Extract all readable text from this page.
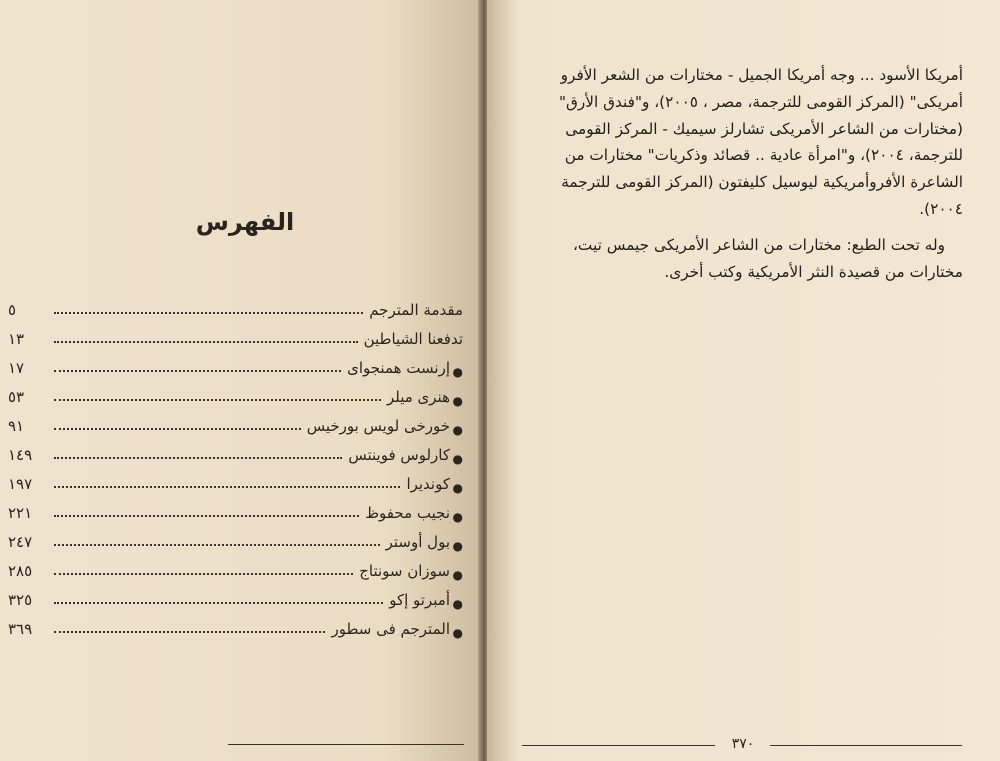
الفهرس
مقدمة المترجم
٥
تدفعنا الشياطين
١٣
●
إرنست همنجواى
١٧
●
هنرى ميلر
٥٣
●
خورخى لويس بورخيس
٩١
●
كارلوس فوينتس
١٤٩
●
كونديرا
١٩٧
●
نجيب محفوظ
٢٢١
●
بول أوستر
٢٤٧
●
سوزان سونتاج
٢٨٥
●
أمبرتو إكو
٣٢٥
●
المترجم فى سطور
٣٦٩

أمريكا الأسود ... وجه أمريكا الجميل - مختارات من الشعر الأفرو

أمريكى" (المركز القومى للترجمة، مصر ، ٢٠٠٥)، و"فندق الأرق"

(مختارات من الشاعر الأمريكى تشارلز سيميك - المركز القومى

للترجمة، ٢٠٠٤)، و"امرأة عادية .. قصائد وذكريات" مختارات من

الشاعرة الأفروأمريكية ليوسيل كليفتون (المركز القومى للترجمة

٢٠٠٤).

وله تحت الطبع: مختارات من الشاعر الأمريكى جيمس تيت،

مختارات من قصيدة النثر الأمريكية وكتب أخرى.

٣٧٠
